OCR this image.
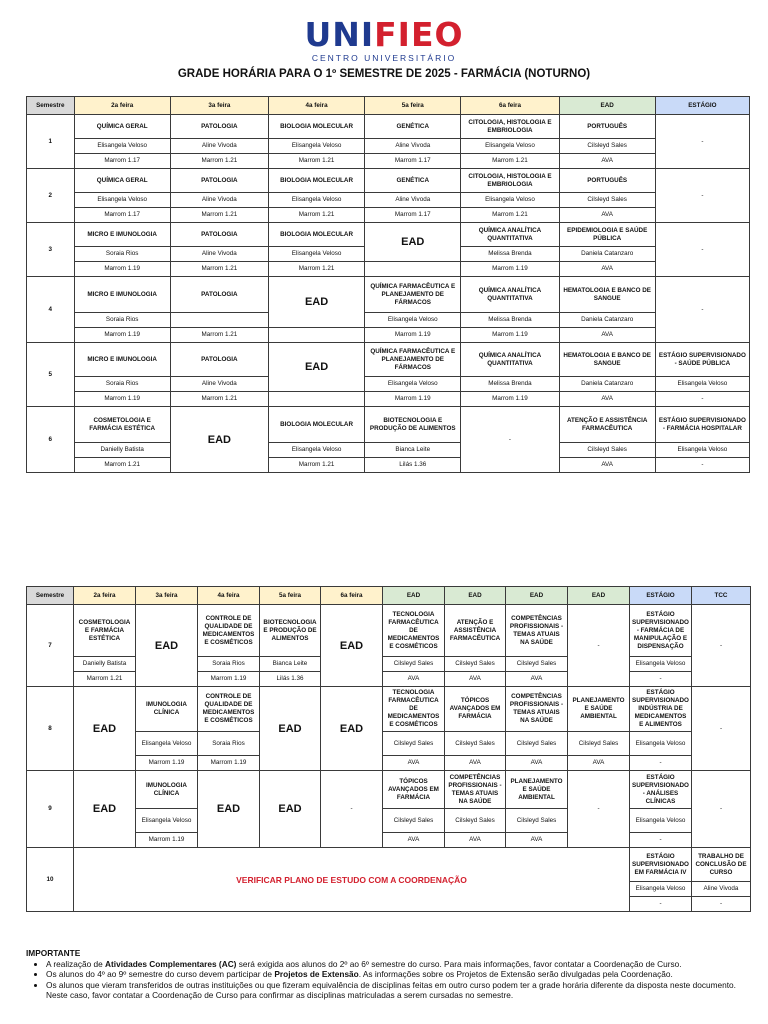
UNIFIEO
CENTRO UNIVERSITÁRIO
GRADE HORÁRIA PARA O 1º SEMESTRE DE 2025 - FARMÁCIA (NOTURNO)
Semestre	2a feira	3a feira	4a feira	5a feira	6a feira	EAD	ESTÁGIO
1	QUÍMICA GERAL	PATOLOGIA	BIOLOGIA MOLECULAR	GENÉTICA	CITOLOGIA, HISTOLOGIA E EMBRIOLOGIA	PORTUGUÊS	-
	Elisangela Veloso	Aline Vivoda	Elisangela Veloso	Aline Vivoda	Elisangela Veloso	Cilsleyd Sales	
	Marrom 1.17	Marrom 1.21	Marrom 1.21	Marrom 1.17	Marrom 1.21	AVA	
2	QUÍMICA GERAL	PATOLOGIA	BIOLOGIA MOLECULAR	GENÉTICA	CITOLOGIA, HISTOLOGIA E EMBRIOLOGIA	PORTUGUÊS	-
	Elisangela Veloso	Aline Vivoda	Elisangela Veloso	Aline Vivoda	Elisangela Veloso	Cilsleyd Sales	
	Marrom 1.17	Marrom 1.21	Marrom 1.21	Marrom 1.17	Marrom 1.21	AVA	
3	MICRO E IMUNOLOGIA	PATOLOGIA	BIOLOGIA MOLECULAR	EAD	QUÍMICA ANALÍTICA QUANTITATIVA	EPIDEMIOLOGIA E SAÚDE PÚBLICA	-
	Soraia Rios	Aline Vivoda	Elisangela Veloso		Melissa Brenda	Daniela Catanzaro	
	Marrom 1.19	Marrom 1.21	Marrom 1.21		Marrom 1.19	AVA	
4	MICRO E IMUNOLOGIA	PATOLOGIA	EAD	QUÍMICA FARMACÊUTICA E PLANEJAMENTO DE FÁRMACOS	QUÍMICA ANALÍTICA QUANTITATIVA	HEMATOLOGIA E BANCO DE SANGUE	-
	Soraia Rios			Elisangela Veloso	Melissa Brenda	Daniela Catanzaro	
	Marrom 1.19	Marrom 1.21		Marrom 1.19	Marrom 1.19	AVA	
5	MICRO E IMUNOLOGIA	PATOLOGIA	EAD	QUÍMICA FARMACÊUTICA E PLANEJAMENTO DE FÁRMACOS	QUÍMICA ANALÍTICA QUANTITATIVA	HEMATOLOGIA E BANCO DE SANGUE	ESTÁGIO SUPERVISIONADO - SAÚDE PÚBLICA
	Soraia Rios	Aline Vivoda		Elisangela Veloso	Melissa Brenda	Daniela Catanzaro	Elisangela Veloso
	Marrom 1.19	Marrom 1.21		Marrom 1.19	Marrom 1.19	AVA	-
6	COSMETOLOGIA E FARMÁCIA ESTÉTICA	EAD	BIOLOGIA MOLECULAR	BIOTECNOLOGIA E PRODUÇÃO DE ALIMENTOS	-	ATENÇÃO E ASSISTÊNCIA FARMACÊUTICA	ESTÁGIO SUPERVISIONADO - FARMÁCIA HOSPITALAR
	Danielly Batista		Elisangela Veloso	Bianca Leite		Cilsleyd Sales	Elisangela Veloso
	Marrom 1.21		Marrom 1.21	Lilás 1.36		AVA	-
Semestre	2a feira	3a feira	4a feira	5a feira	6a feira	EAD	EAD	EAD	EAD	ESTÁGIO	TCC
7	COSMETOLOGIA E FARMÁCIA ESTÉTICA	EAD	CONTROLE DE QUALIDADE DE MEDICAMENTOS E COSMÉTICOS	BIOTECNOLOGIA E PRODUÇÃO DE ALIMENTOS	EAD	TECNOLOGIA FARMACÊUTICA DE MEDICAMENTOS E COSMÉTICOS	ATENÇÃO E ASSISTÊNCIA FARMACÊUTICA	COMPETÊNCIAS PROFISSIONAIS - TEMAS ATUAIS NA SAÚDE	-	ESTÁGIO SUPERVISIONADO - FARMÁCIA DE MANIPULAÇÃO E DISPENSAÇÃO	-
	Danielly Batista		Soraia Rios	Bianca Leite		Cilsleyd Sales	Cilsleyd Sales	Cilsleyd Sales		Elisangela Veloso	
	Marrom 1.21		Marrom 1.19	Lilás 1.36		AVA	AVA	AVA		-	
8	EAD	IMUNOLOGIA CLÍNICA	CONTROLE DE QUALIDADE DE MEDICAMENTOS E COSMÉTICOS	EAD	EAD	TECNOLOGIA FARMACÊUTICA DE MEDICAMENTOS E COSMÉTICOS	TÓPICOS AVANÇADOS EM FARMÁCIA	COMPETÊNCIAS PROFISSIONAIS - TEMAS ATUAIS NA SAÚDE	PLANEJAMENTO E SAÚDE AMBIENTAL	ESTÁGIO SUPERVISIONADO INDÚSTRIA DE MEDICAMENTOS E ALIMENTOS	-
		Elisangela Veloso	Soraia Rios			Cilsleyd Sales	Cilsleyd Sales	Cilsleyd Sales	Cilsleyd Sales	Elisangela Veloso	
		Marrom 1.19	Marrom 1.19			AVA	AVA	AVA	AVA	-	
9	EAD	IMUNOLOGIA CLÍNICA	EAD	EAD	-	TÓPICOS AVANÇADOS EM FARMÁCIA	COMPETÊNCIAS PROFISSIONAIS - TEMAS ATUAIS NA SAÚDE	PLANEJAMENTO E SAÚDE AMBIENTAL	-	ESTÁGIO SUPERVISIONADO - ANÁLISES CLÍNICAS	-
		Elisangela Veloso				Cilsleyd Sales	Cilsleyd Sales	Cilsleyd Sales		Elisangela Veloso	
		Marrom 1.19				AVA	AVA	AVA		-	
10	VERIFICAR PLANO DE ESTUDO COM A COORDENAÇÃO									ESTÁGIO SUPERVISIONADO EM FARMÁCIA IV	TRABALHO DE CONCLUSÃO DE CURSO
										Elisangela Veloso	Aline Vivoda
										-	-
IMPORTANTE
• A realização de Atividades Complementares (AC) será exigida aos alunos do 2º ao 6º semestre do curso. Para mais informações, favor contatar a Coordenação de Curso.
• Os alunos do 4º ao 9º semestre do curso devem participar de Projetos de Extensão. As informações sobre os Projetos de Extensão serão divulgadas pela Coordenação.
• Os alunos que vieram transferidos de outras instituições ou que fizeram equivalência de disciplinas feitas em outro curso podem ter a grade horária diferente da disposta neste documento. Neste caso, favor contatar a Coordenação de Curso para confirmar as disciplinas matriculadas a serem cursadas no semestre.
